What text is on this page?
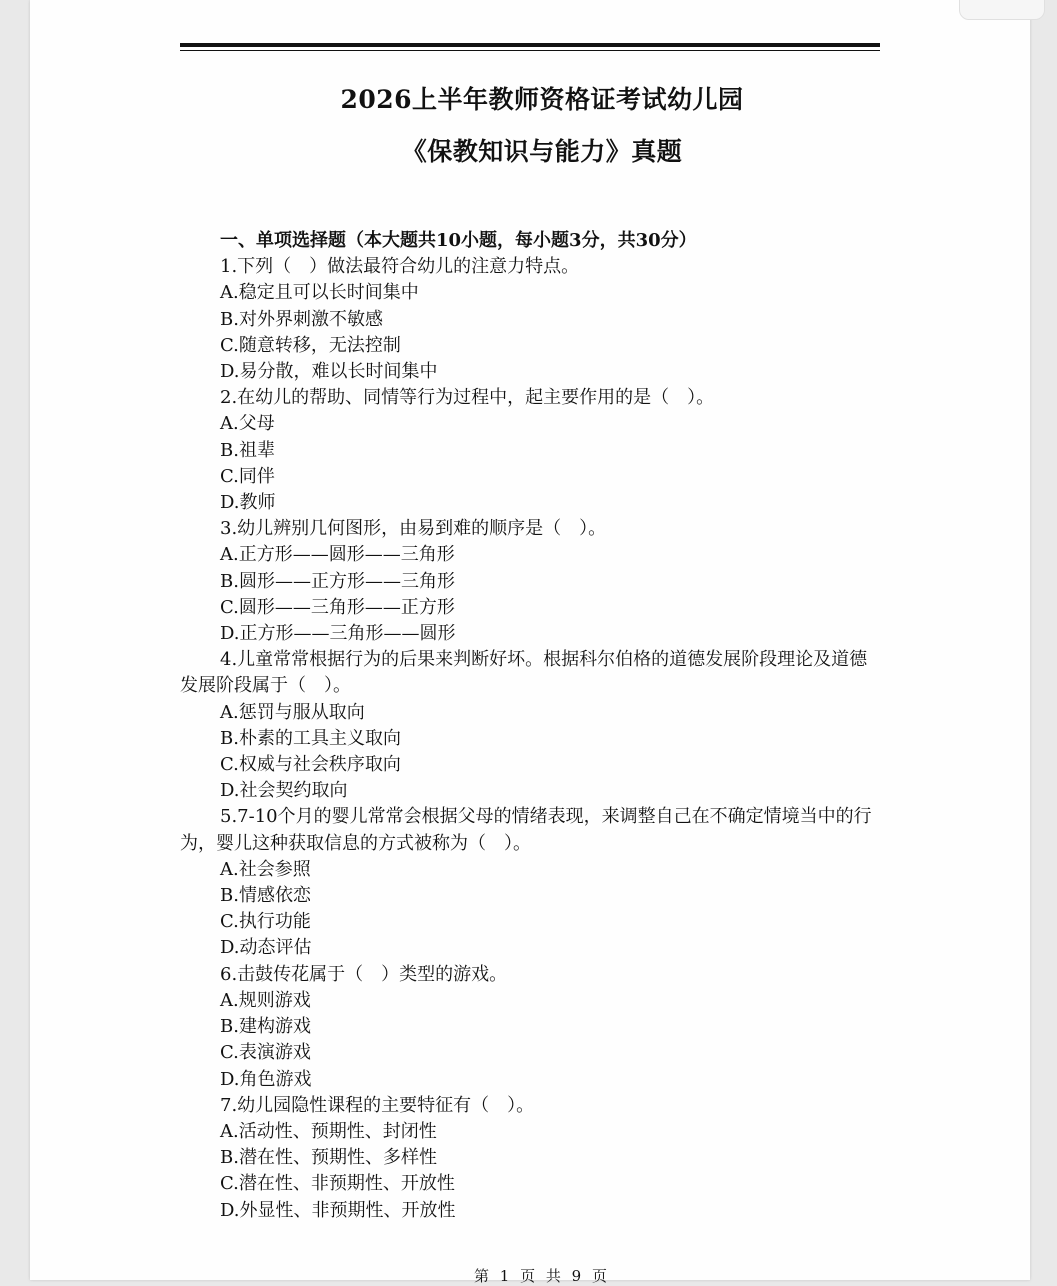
2026上半年教师资格证考试幼儿园
《保教知识与能力》真题
一、单项选择题（本大题共10小题，每小题3分，共30分）
1.下列（　）做法最符合幼儿的注意力特点。
A.稳定且可以长时间集中
B.对外界刺激不敏感
C.随意转移，无法控制
D.易分散，难以长时间集中
2.在幼儿的帮助、同情等行为过程中，起主要作用的是（　）。
A.父母
B.祖辈
C.同伴
D.教师
3.幼儿辨别几何图形，由易到难的顺序是（　）。
A.正方形——圆形——三角形
B.圆形——正方形——三角形
C.圆形——三角形——正方形
D.正方形——三角形——圆形
4.儿童常常根据行为的后果来判断好坏。根据科尔伯格的道德发展阶段理论及道德发展阶段属于（　）。
A.惩罚与服从取向
B.朴素的工具主义取向
C.权威与社会秩序取向
D.社会契约取向
5.7-10个月的婴儿常常会根据父母的情绪表现，来调整自己在不确定情境当中的行为，婴儿这种获取信息的方式被称为（　）。
A.社会参照
B.情感依恋
C.执行功能
D.动态评估
6.击鼓传花属于（　）类型的游戏。
A.规则游戏
B.建构游戏
C.表演游戏
D.角色游戏
7.幼儿园隐性课程的主要特征有（　）。
A.活动性、预期性、封闭性
B.潜在性、预期性、多样性
C.潜在性、非预期性、开放性
D.外显性、非预期性、开放性
第 1 页 共 9 页
